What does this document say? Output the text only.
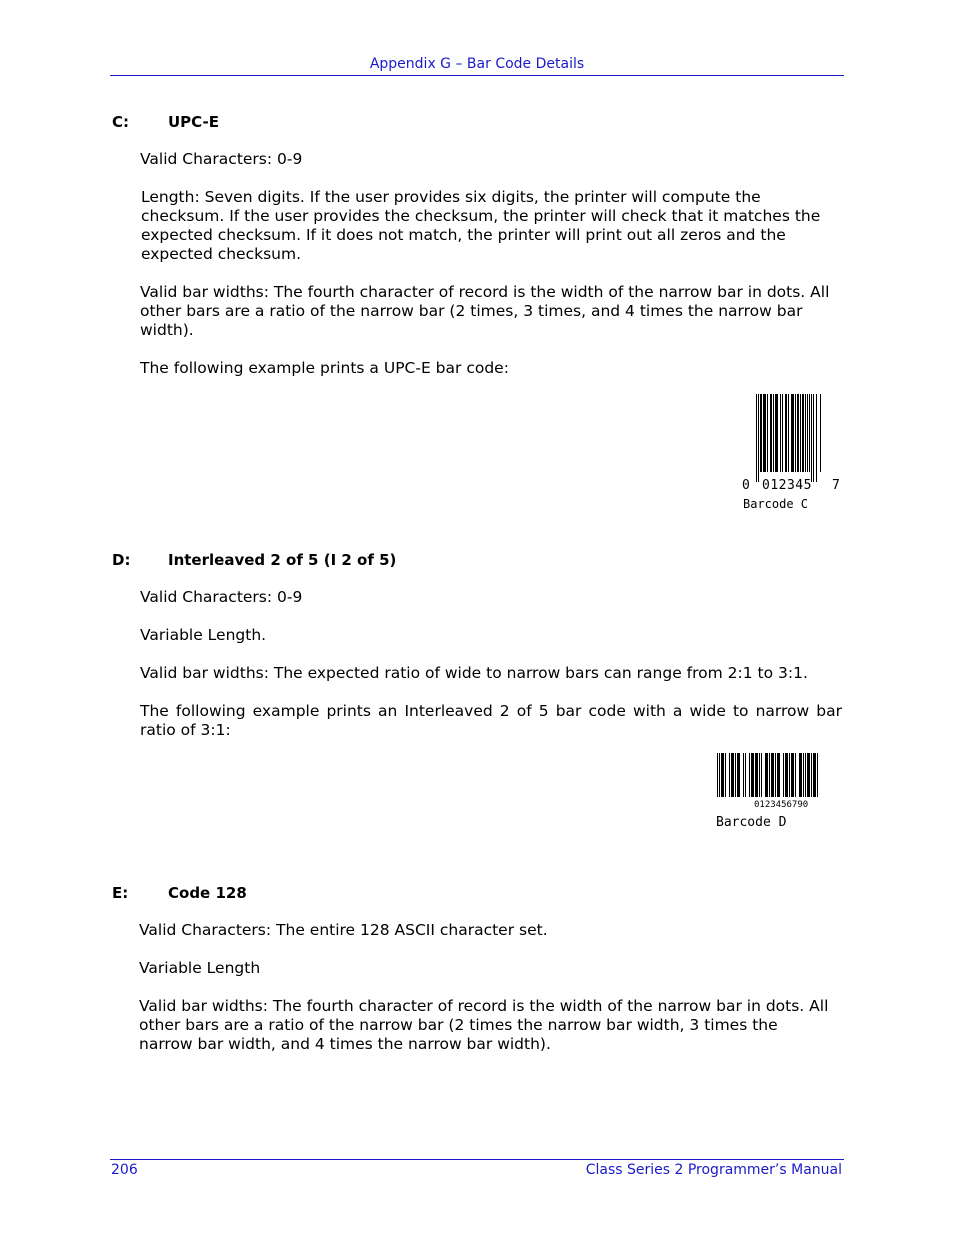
Appendix G – Bar Code Details
C:	UPC-E

Valid Characters: 0-9

Length: Seven digits. If the user provides six digits, the printer will compute the checksum. If the user provides the checksum, the printer will check that it matches the expected checksum. If it does not match, the printer will print out all zeros and the expected checksum.

Valid bar widths: The fourth character of record is the width of the narrow bar in dots. All other bars are a ratio of the narrow bar (2 times, 3 times, and 4 times the narrow bar width).

The following example prints a UPC-E bar code:

0 012345 7
Barcode C
D:	Interleaved 2 of 5 (I 2 of 5)

Valid Characters: 0-9

Variable Length.

Valid bar widths: The expected ratio of wide to narrow bars can range from 2:1 to 3:1.

The following example prints an Interleaved 2 of 5 bar code with a wide to narrow bar ratio of 3:1:

0123456790
Barcode D
E:	Code 128

Valid Characters: The entire 128 ASCII character set.

Variable Length

Valid bar widths: The fourth character of record is the width of the narrow bar in dots. All other bars are a ratio of the narrow bar (2 times the narrow bar width, 3 times the narrow bar width, and 4 times the narrow bar width).

206	Class Series 2 Programmer’s Manual
